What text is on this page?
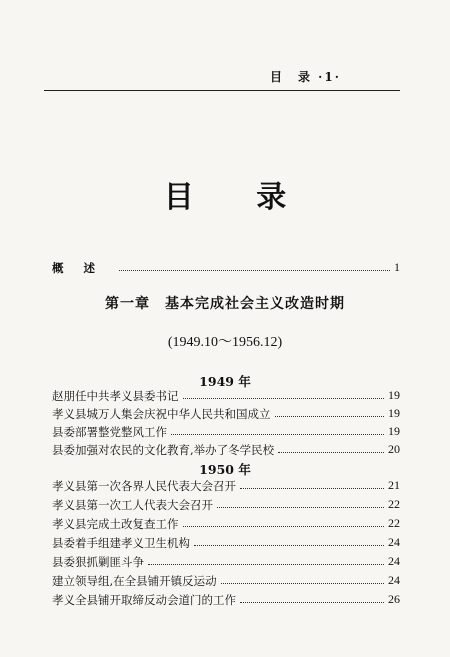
目　录 ·1·
目 录
概述	1
第一章　基本完成社会主义改造时期
(1949.10～1956.12)
1949 年
赵朋任中共孝义县委书记	19
孝义县城万人集会庆祝中华人民共和国成立	19
县委部署整党整风工作	19
县委加强对农民的文化教育,举办了冬学民校	20
1950 年
孝义县第一次各界人民代表大会召开	21
孝义县第一次工人代表大会召开	22
孝义县完成土改复查工作	22
县委着手组建孝义卫生机构	24
县委狠抓剿匪斗争	24
建立领导组,在全县铺开镇反运动	24
孝义全县铺开取缔反动会道门的工作	26
